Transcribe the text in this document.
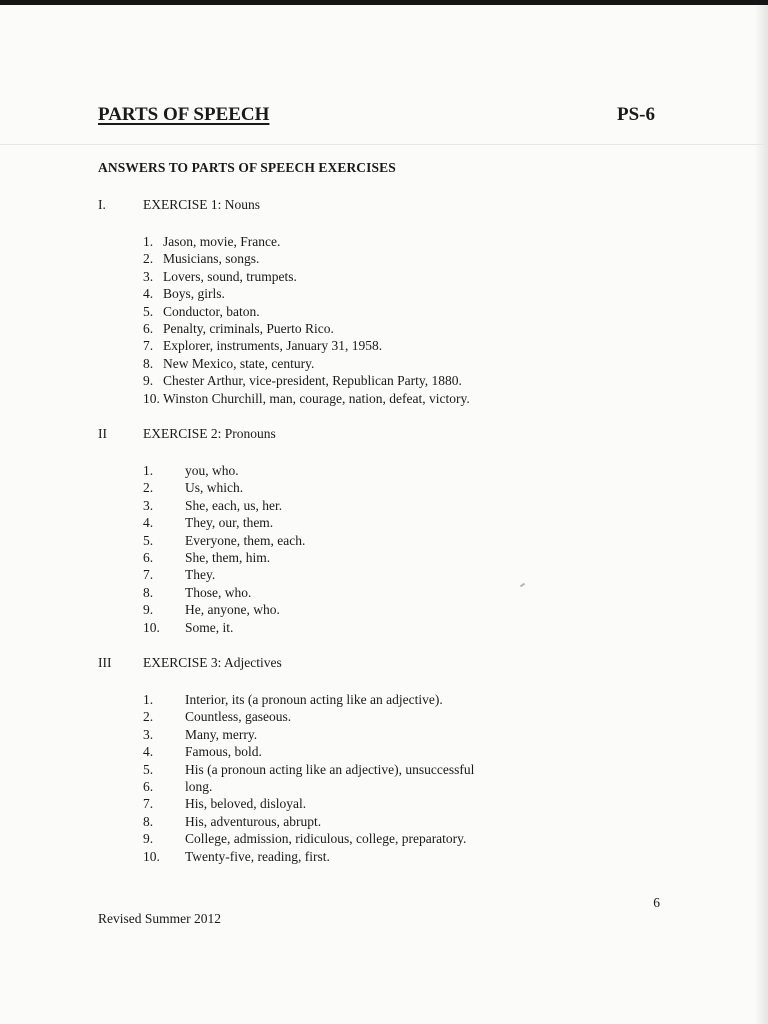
PARTS OF SPEECH	PS-6
ANSWERS TO PARTS OF SPEECH EXERCISES
I.	EXERCISE 1: Nouns
1. Jason, movie, France.
2. Musicians, songs.
3. Lovers, sound, trumpets.
4. Boys, girls.
5. Conductor, baton.
6. Penalty, criminals, Puerto Rico.
7. Explorer, instruments, January 31, 1958.
8. New Mexico, state, century.
9. Chester Arthur, vice-president, Republican Party, 1880.
10. Winston Churchill, man, courage, nation, defeat, victory.
II	EXERCISE 2: Pronouns
1. you, who.
2. Us, which.
3. She, each, us, her.
4. They, our, them.
5. Everyone, them, each.
6. She, them, him.
7. They.
8. Those, who.
9. He, anyone, who.
10. Some, it.
III EXERCISE 3: Adjectives
1. Interior, its (a pronoun acting like an adjective).
2. Countless, gaseous.
3. Many, merry.
4. Famous, bold.
5. His (a pronoun acting like an adjective), unsuccessful
6. long.
7. His, beloved, disloyal.
8. His, adventurous, abrupt.
9. College, admission, ridiculous, college, preparatory.
10. Twenty-five, reading, first.
Revised Summer 2012
6
